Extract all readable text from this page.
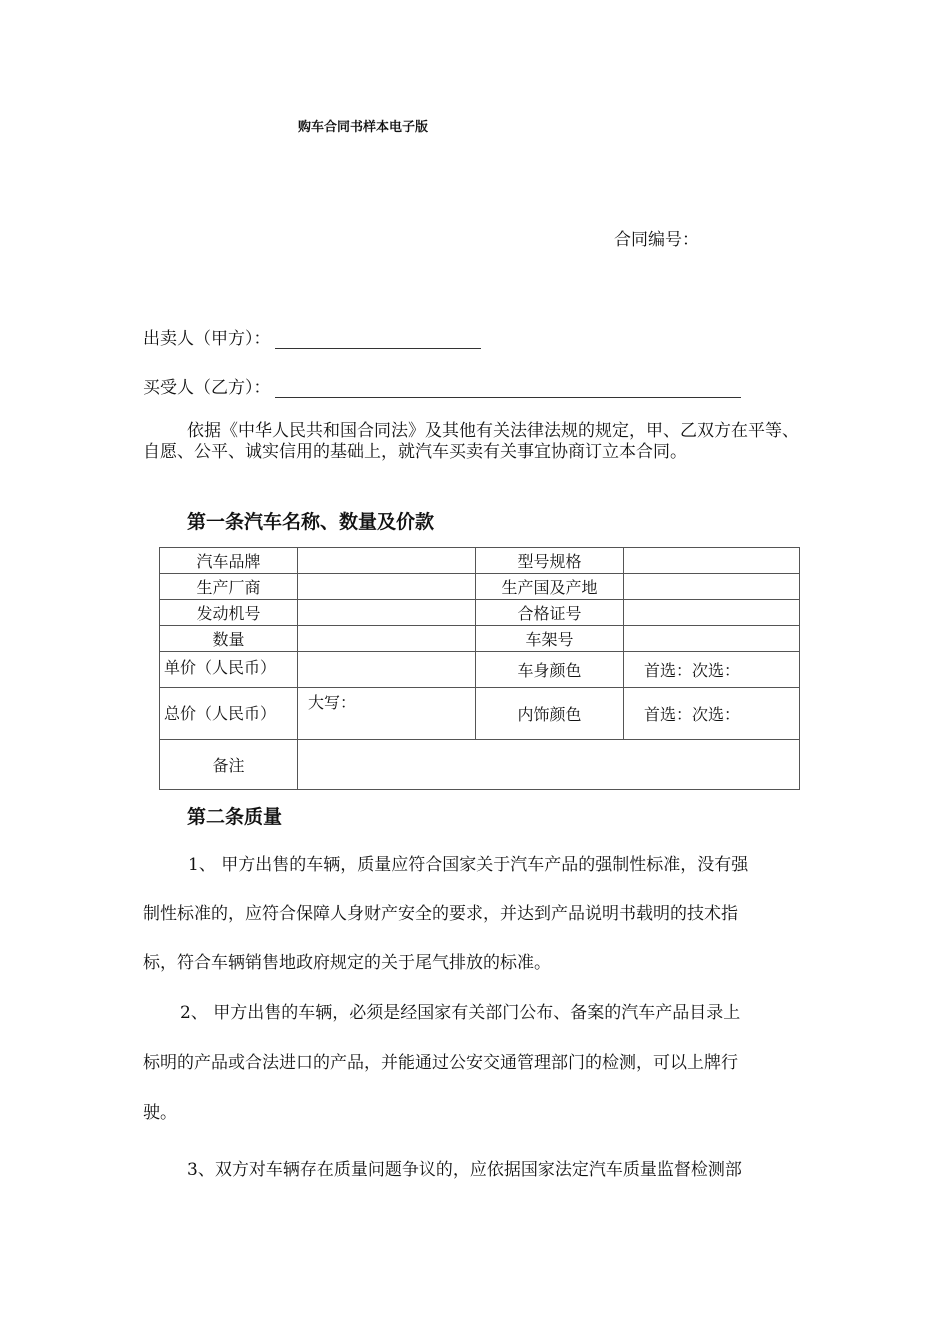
购车合同书样本电子版
合同编号：
出卖人（甲方）：
买受人（乙方）：
依据《中华人民共和国合同法》及其他有关法律法规的规定，甲、乙双方在平等、自愿、公平、诚实信用的基础上，就汽车买卖有关事宜协商订立本合同。
第一条汽车名称、数量及价款
汽车品牌		型号规格	
生产厂商		生产国及产地	
发动机号		合格证号	
数量		车架号	

单价（人民币）		车身颜色	首选：次选：
总价（人民币）	大写：	内饰颜色	首选：次选：
备注			
第二条质量
1、 甲方出售的车辆，质量应符合国家关于汽车产品的强制性标准，没有强
制性标准的，应符合保障人身财产安全的要求，并达到产品说明书载明的技术指
标，符合车辆销售地政府规定的关于尾气排放的标准。
2、 甲方出售的车辆，必须是经国家有关部门公布、备案的汽车产品目录上
标明的产品或合法进口的产品，并能通过公安交通管理部门的检测，可以上牌行
驶。
3、双方对车辆存在质量问题争议的，应依据国家法定汽车质量监督检测部
